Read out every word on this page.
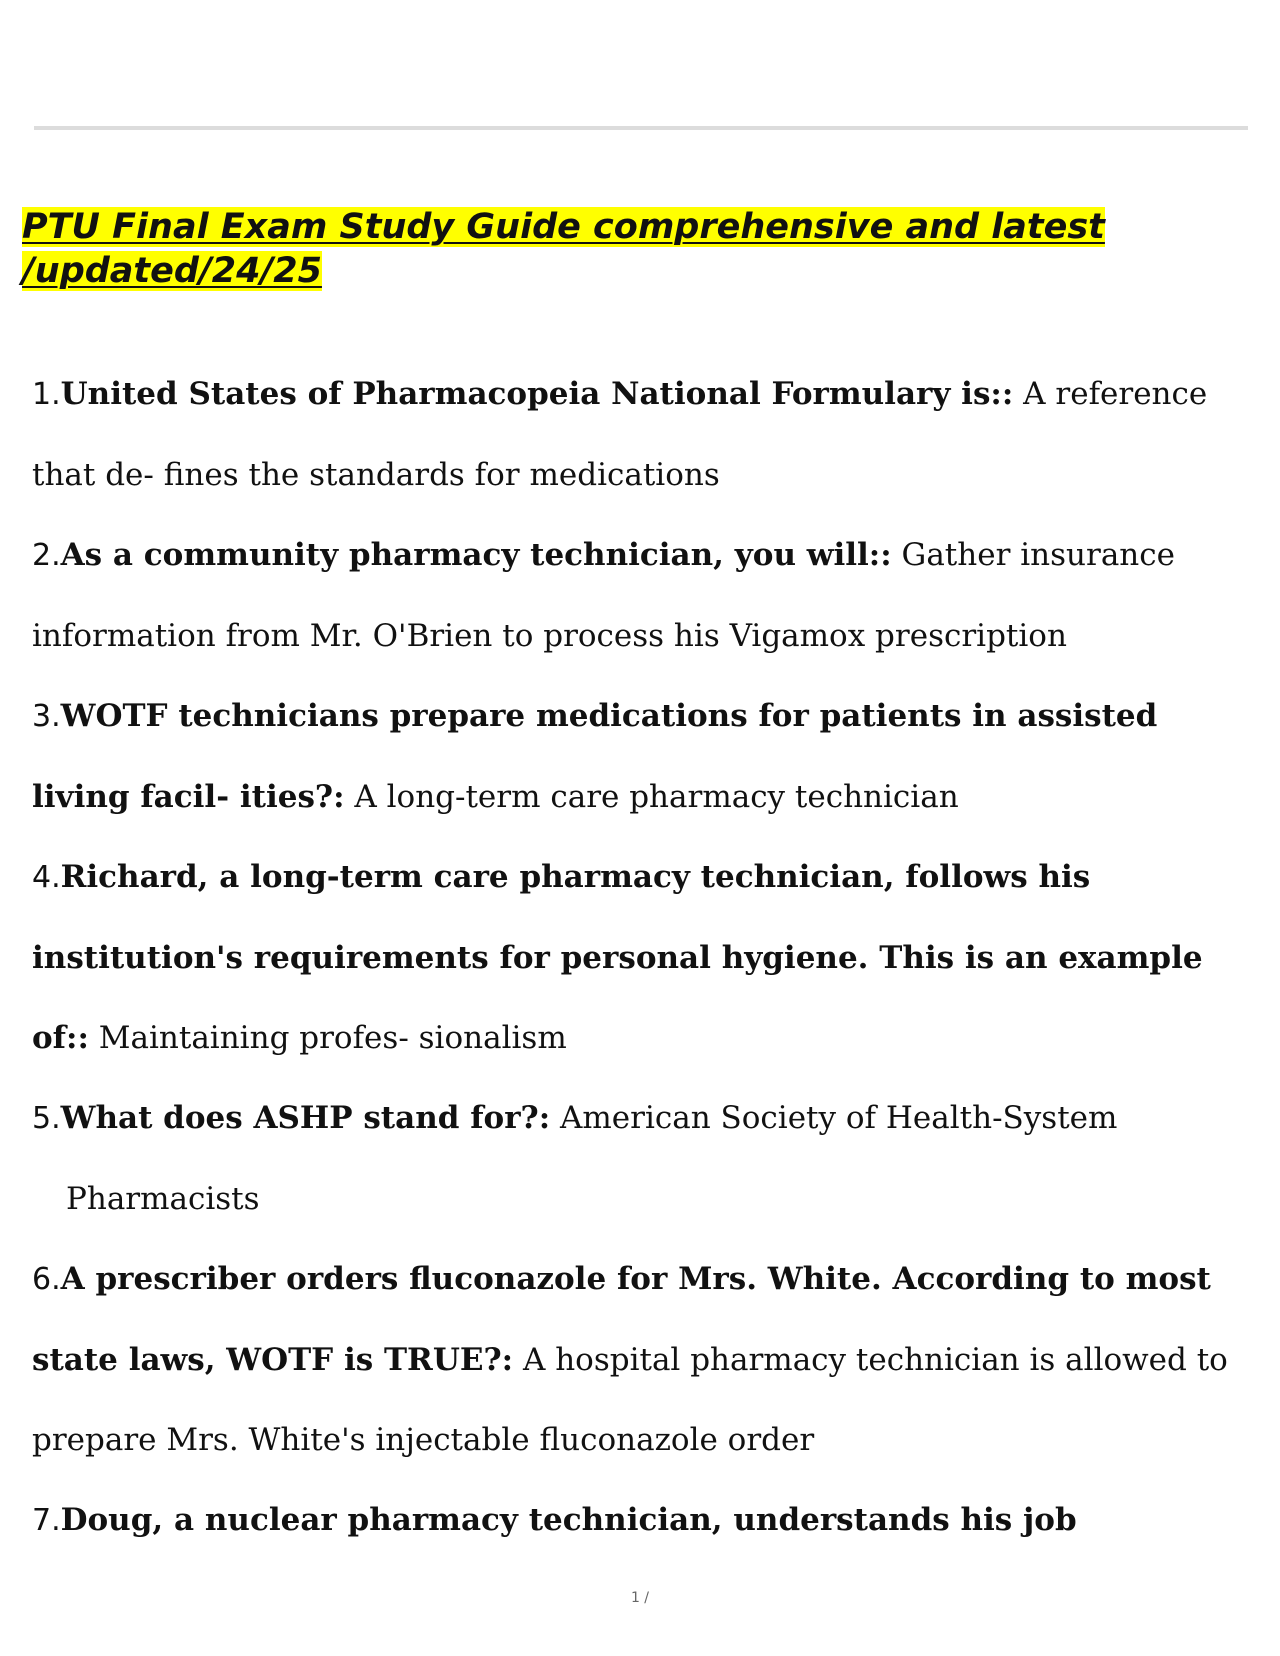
PTU Final Exam Study Guide comprehensive and latest /updated/24/25
1.United States of Pharmacopeia National Formulary is:: A reference that de- fines the standards for medications
2.As a community pharmacy technician, you will:: Gather insurance information from Mr. O'Brien to process his Vigamox prescription
3.WOTF technicians prepare medications for patients in assisted living facil- ities?: A long-term care pharmacy technician
4.Richard, a long-term care pharmacy technician, follows his institution's requirements for personal hygiene. This is an example of:: Maintaining profes- sionalism
5.What does ASHP stand for?: American Society of Health-System Pharmacists
6.A prescriber orders fluconazole for Mrs. White. According to most state laws, WOTF is TRUE?: A hospital pharmacy technician is allowed to prepare Mrs. White's injectable fluconazole order
7.Doug, a nuclear pharmacy technician, understands his job
1 /
